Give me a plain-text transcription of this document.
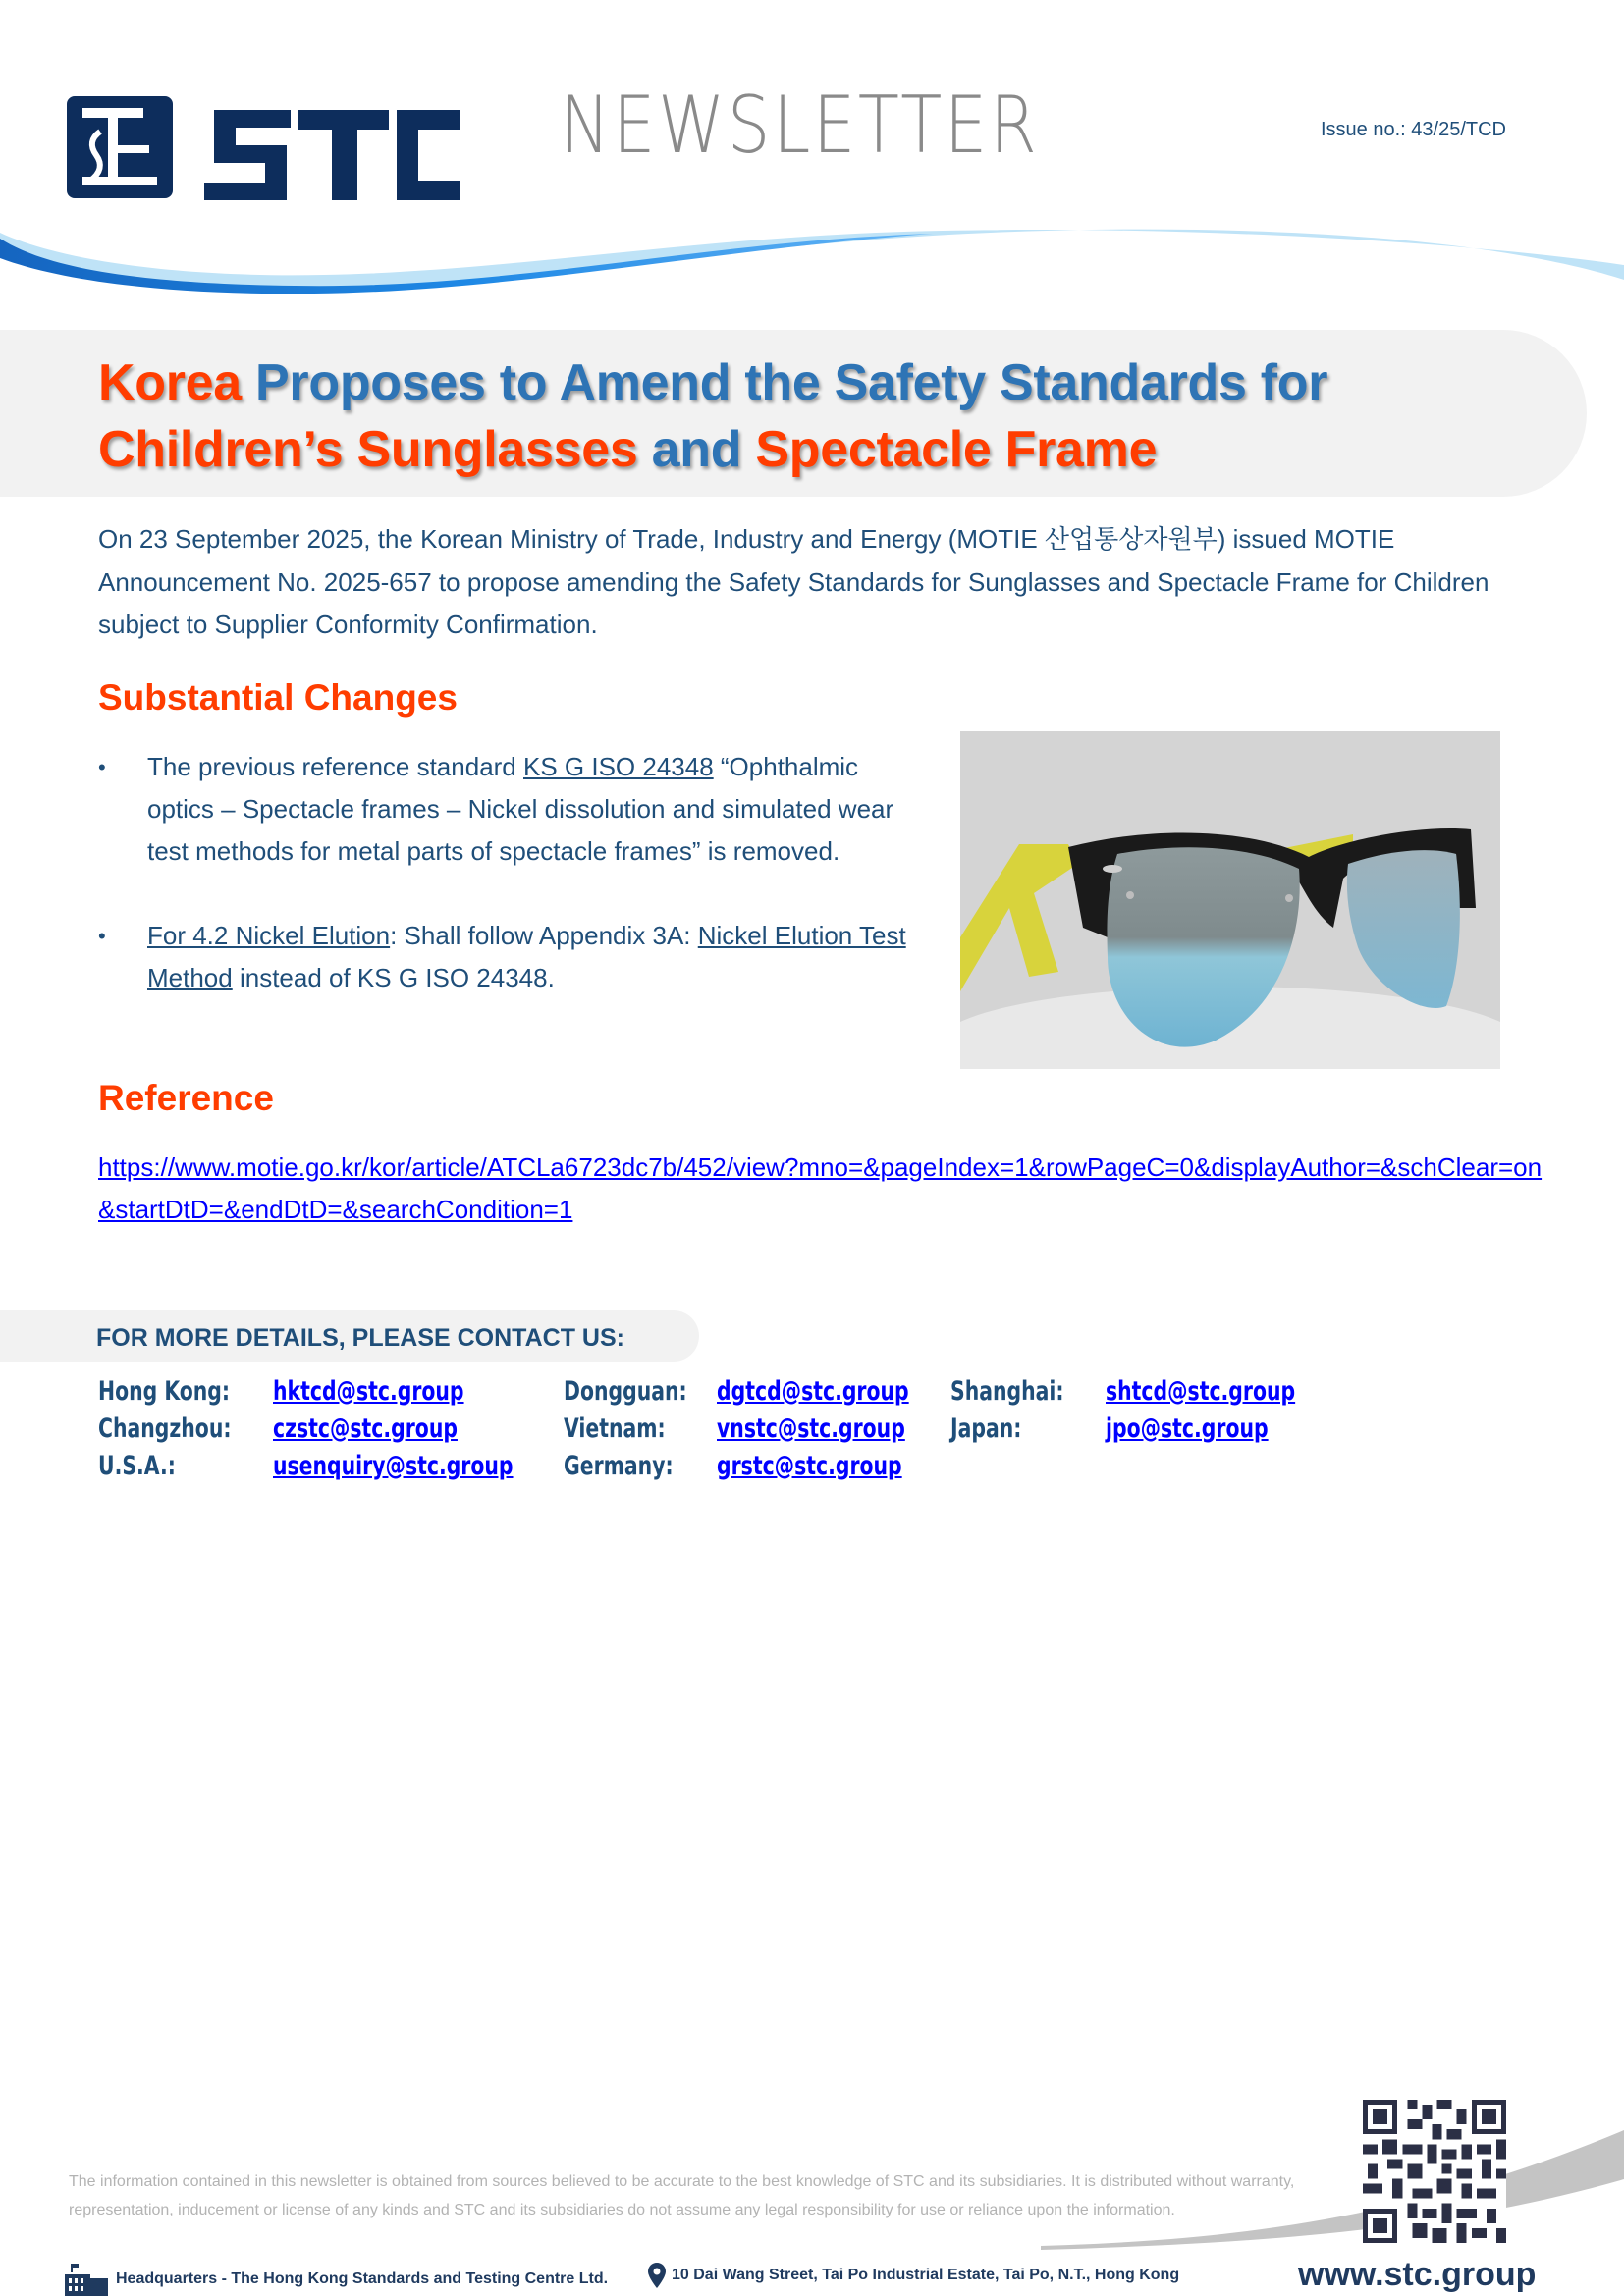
NEWSLETTER	Issue no.: 43/25/TCD
Korea Proposes to Amend the Safety Standards for Children’s Sunglasses and Spectacle Frame

On 23 September 2025, the Korean Ministry of Trade, Industry and Energy (MOTIE 산업통상자원부) issued MOTIE Announcement No. 2025-657 to propose amending the Safety Standards for Sunglasses and Spectacle Frame for Children subject to Supplier Conformity Confirmation.

Substantial Changes
• The previous reference standard KS G ISO 24348 “Ophthalmic optics – Spectacle frames – Nickel dissolution and simulated wear test methods for metal parts of spectacle frames” is removed.
• For 4.2 Nickel Elution: Shall follow Appendix 3A: Nickel Elution Test Method instead of KS G ISO 24348.
Reference
https://www.motie.go.kr/kor/article/ATCLa6723dc7b/452/view?mno=&pageIndex=1&rowPageC=0&displayAuthor=&schClear=on&startDtD=&endDtD=&searchCondition=1
FOR MORE DETAILS, PLEASE CONTACT US:
Hong Kong:	hktcd@stc.group	Dongguan: dgtcd@stc.group Shanghai:	shtcd@stc.group
Changzhou:	czstc@stc.group	Vietnam:	vnstc@stc.group Japan:	jpo@stc.group
U.S.A.:	usenquiry@stc.group Germany:	grstc@stc.group

The information contained in this newsletter is obtained from sources believed to be accurate to the best knowledge of STC and its subsidiaries. It is distributed without warranty, representation, inducement or license of any kinds and STC and its subsidiaries do not assume any legal responsibility for use or reliance upon the information.

Headquarters - The Hong Kong Standards and Testing Centre Ltd.	10 Dai Wang Street, Tai Po Industrial Estate, Tai Po, N.T., Hong Kong	www.stc.group
